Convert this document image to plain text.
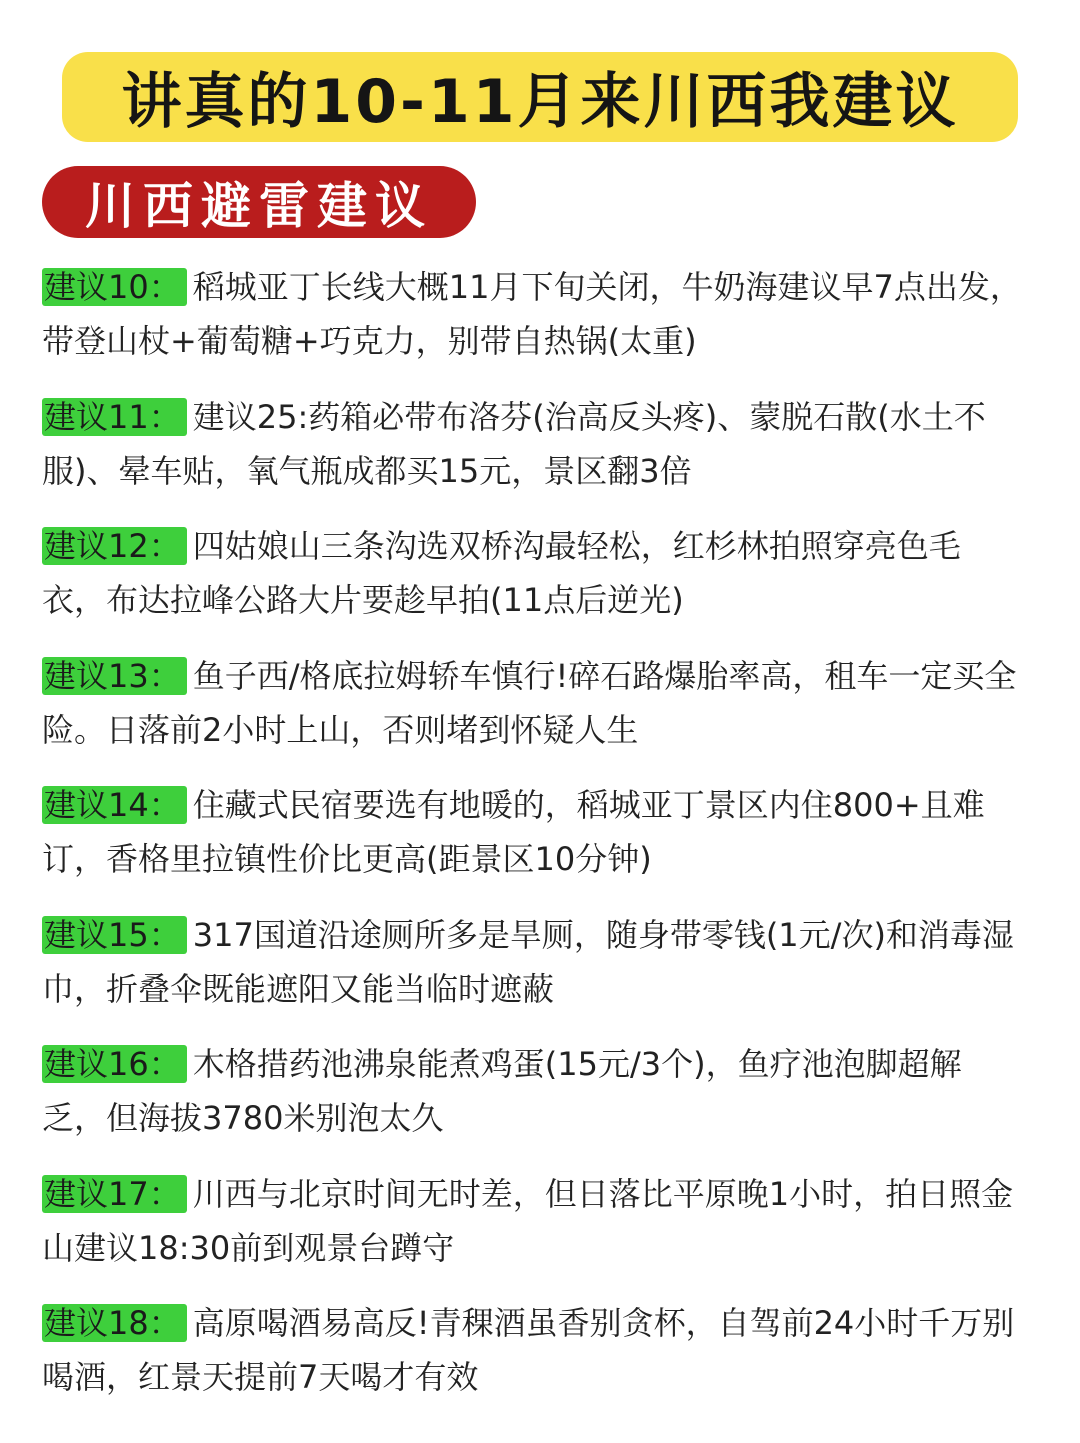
讲真的10-11月来川西我建议
川西避雷建议
建议10： 稻城亚丁长线大概11月下旬关闭，牛奶海建议早7点出发，带登山杖+葡萄糖+巧克力，别带自热锅(太重)
建议11： 建议25:药箱必带布洛芬(治高反头疼)、蒙脱石散(水土不服)、晕车贴，氧气瓶成都买15元，景区翻3倍
建议12： 四姑娘山三条沟选双桥沟最轻松，红杉林拍照穿亮色毛衣，布达拉峰公路大片要趁早拍(11点后逆光)
建议13： 鱼子西/格底拉姆轿车慎行!碎石路爆胎率高，租车一定买全险。日落前2小时上山，否则堵到怀疑人生
建议14： 住藏式民宿要选有地暖的，稻城亚丁景区内住800+且难订，香格里拉镇性价比更高(距景区10分钟)
建议15： 317国道沿途厕所多是旱厕，随身带零钱(1元/次)和消毒湿巾，折叠伞既能遮阳又能当临时遮蔽
建议16： 木格措药池沸泉能煮鸡蛋(15元/3个)，鱼疗池泡脚超解乏，但海拔3780米别泡太久
建议17： 川西与北京时间无时差，但日落比平原晚1小时，拍日照金山建议18:30前到观景台蹲守
建议18： 高原喝酒易高反!青稞酒虽香别贪杯，自驾前24小时千万别喝酒，红景天提前7天喝才有效
